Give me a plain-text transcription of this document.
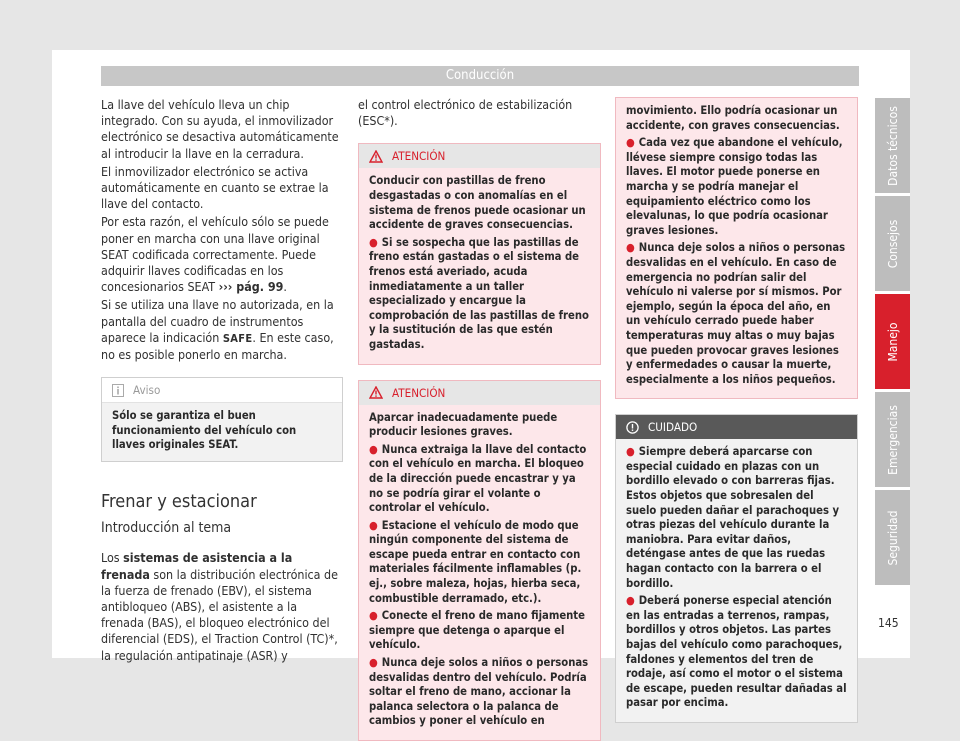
Conducción

La llave del vehículo lleva un chip integrado. Con su ayuda, el inmovilizador electrónico se desactiva automáticamente al introducir la llave en la cerradura.

El inmovilizador electrónico se activa automáticamente en cuanto se extrae la llave del contacto.

Por esta razón, el vehículo sólo se puede poner en marcha con una llave original SEAT codificada correctamente. Puede adquirir llaves codificadas en los concesionarios SEAT ››› pág. 99.

Si se utiliza una llave no autorizada, en la pantalla del cuadro de instrumentos aparece la indicación SAFE. En este caso, no es posible ponerlo en marcha.

Aviso
Sólo se garantiza el buen funcionamiento del vehículo con llaves originales SEAT.
Frenar y estacionar
Introducción al tema

Los sistemas de asistencia a la frenada son la distribución electrónica de la fuerza de frenado (EBV), el sistema antibloqueo (ABS), el asistente a la frenada (BAS), el bloqueo electrónico del diferencial (EDS), el Traction Control (TC)*, la regulación antipatinaje (ASR) y

el control electrónico de estabilización (ESC*).

ATENCIÓN

Conducir con pastillas de freno desgastadas o con anomalías en el sistema de frenos puede ocasionar un accidente de graves consecuencias.

● Si se sospecha que las pastillas de freno están gastadas o el sistema de frenos está averiado, acuda inmediatamente a un taller especializado y encargue la comprobación de las pastillas de freno y la sustitución de las que estén gastadas.

ATENCIÓN

Aparcar inadecuadamente puede producir lesiones graves.

● Nunca extraiga la llave del contacto con el vehículo en marcha. El bloqueo de la dirección puede encastrar y ya no se podría girar el volante o controlar el vehículo.

● Estacione el vehículo de modo que ningún componente del sistema de escape pueda entrar en contacto con materiales fácilmente inflamables (p. ej., sobre maleza, hojas, hierba seca, combustible derramado, etc.).

● Conecte el freno de mano fijamente siempre que detenga o aparque el vehículo.

● Nunca deje solos a niños o personas desvalidas dentro del vehículo. Podría soltar el freno de mano, accionar la palanca selectora o la palanca de cambios y poner el vehículo en

movimiento. Ello podría ocasionar un accidente, con graves consecuencias.

● Cada vez que abandone el vehículo, llévese siempre consigo todas las llaves. El motor puede ponerse en marcha y se podría manejar el equipamiento eléctrico como los elevalunas, lo que podría ocasionar graves lesiones.

● Nunca deje solos a niños o personas desvalidas en el vehículo. En caso de emergencia no podrían salir del vehículo ni valerse por sí mismos. Por ejemplo, según la época del año, en un vehículo cerrado puede haber temperaturas muy altas o muy bajas que pueden provocar graves lesiones y enfermedades o causar la muerte, especialmente a los niños pequeños.

CUIDADO

● Siempre deberá aparcarse con especial cuidado en plazas con un bordillo elevado o con barreras fijas. Estos objetos que sobresalen del suelo pueden dañar el parachoques y otras piezas del vehículo durante la maniobra. Para evitar daños, deténgase antes de que las ruedas hagan contacto con la barrera o el bordillo.

● Deberá ponerse especial atención en las entradas a terrenos, rampas, bordillos y otros objetos. Las partes bajas del vehículo como parachoques, faldones y elementos del tren de rodaje, así como el motor o el sistema de escape, pueden resultar dañadas al pasar por encima.

Datos técnicos
Consejos
Manejo
Emergencias
Seguridad
145
